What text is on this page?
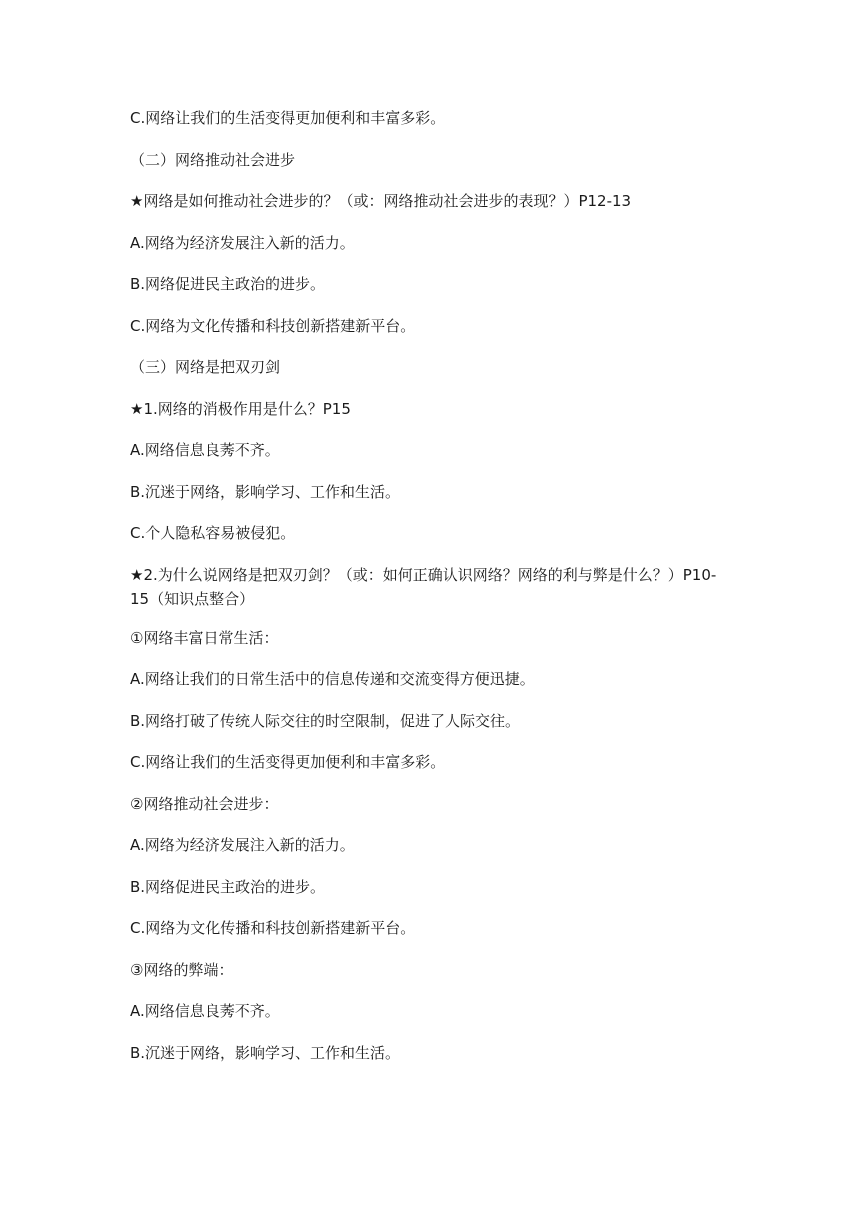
C.网络让我们的生活变得更加便利和丰富多彩。

（二）网络推动社会进步

★网络是如何推动社会进步的？（或：网络推动社会进步的表现？）P12-13

A.网络为经济发展注入新的活力。

B.网络促进民主政治的进步。

C.网络为文化传播和科技创新搭建新平台。

（三）网络是把双刃剑

★1.网络的消极作用是什么？P15

A.网络信息良莠不齐。

B.沉迷于网络，影响学习、工作和生活。

C.个人隐私容易被侵犯。

★2.为什么说网络是把双刃剑？（或：如何正确认识网络？网络的利与弊是什么？）P10-15（知识点整合）

①网络丰富日常生活：

A.网络让我们的日常生活中的信息传递和交流变得方便迅捷。

B.网络打破了传统人际交往的时空限制，促进了人际交往。

C.网络让我们的生活变得更加便利和丰富多彩。

②网络推动社会进步：

A.网络为经济发展注入新的活力。

B.网络促进民主政治的进步。

C.网络为文化传播和科技创新搭建新平台。

③网络的弊端：

A.网络信息良莠不齐。

B.沉迷于网络，影响学习、工作和生活。
